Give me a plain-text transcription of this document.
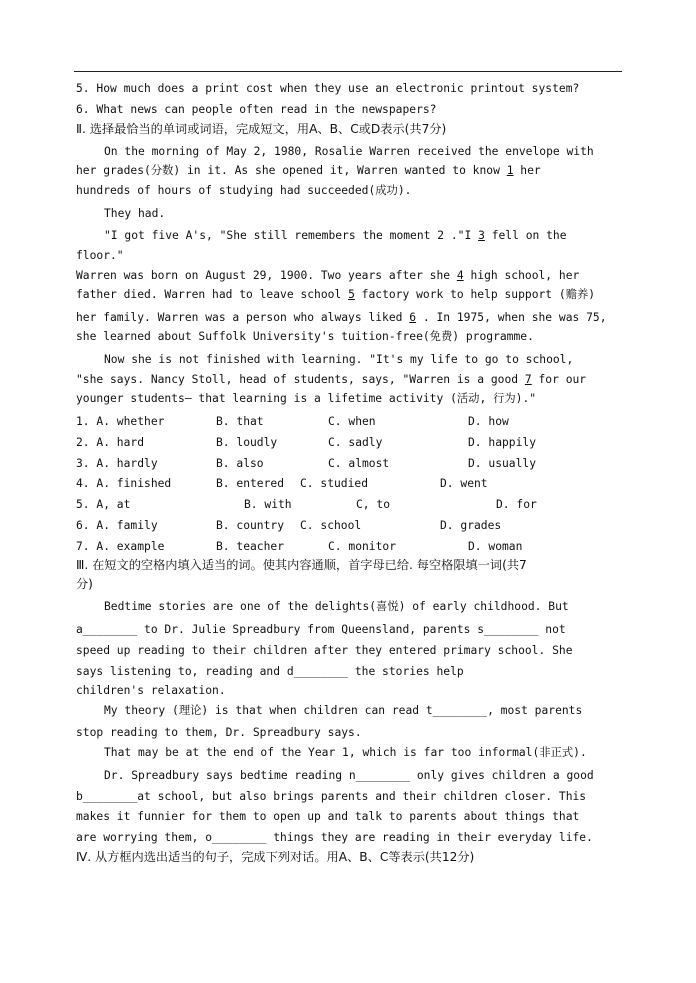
5. How much does a print cost when they use an electronic printout system?
6. What news can people often read in the newspapers?
Ⅱ. 选择最恰当的单词或词语，完成短文，用A、B、C或D表示(共7分)
On the morning of May 2, 1980, Rosalie Warren received the envelope with
her grades(分数) in it. As she opened it, Warren wanted to know 1 her
hundreds of hours of studying had succeeded(成功).
They had.
"I got five A's, "She still remembers the moment 2 ."I 3 fell on the
floor."
Warren was born on August 29, 1900. Two years after she 4 high school, her
father died. Warren had to leave school 5 factory work to help support (赡养)
her family. Warren was a person who always liked 6 . In 1975, when she was 75,
she learned about Suffolk University's tuition-free(免费) programme.
Now she is not finished with learning. "It's my life to go to school,
"she says. Nancy Stoll, head of students, says, "Warren is a good 7 for our
younger students— that learning is a lifetime activity (活动, 行为)."
1. A. whether	B. that	C. when	D. how
2. A. hard	B. loudly	C. sadly	D. happily
3. A. hardly	B. also	C. almost	D. usually
4. A. finished	B. entered C. studied	D. went
5. A, at	B. with	C, to	D. for
6. A. family	B. country C. school	D. grades
7. A. example	B. teacher	C. monitor	D. woman
Ⅲ. 在短文的空格内填入适当的词。使其内容通顺，首字母已给. 每空格限填一词(共7
分)
Bedtime stories are one of the delights(喜悦) of early childhood. But
a________ to Dr. Julie Spreadbury from Queensland, parents s________ not
speed up reading to their children after they entered primary school. She
says listening to, reading and d________ the stories help
children's relaxation.
My theory (理论) is that when children can read t________, most parents
stop reading to them, Dr. Spreadbury says.
That may be at the end of the Year 1, which is far too informal(非正式).
Dr. Spreadbury says bedtime reading n________ only gives children a good
b________at school, but also brings parents and their children closer. This
makes it funnier for them to open up and talk to parents about things that
are worrying them, o________ things they are reading in their everyday life.
Ⅳ. 从方框内选出适当的句子，完成下列对话。用A、B、C等表示(共12分)
